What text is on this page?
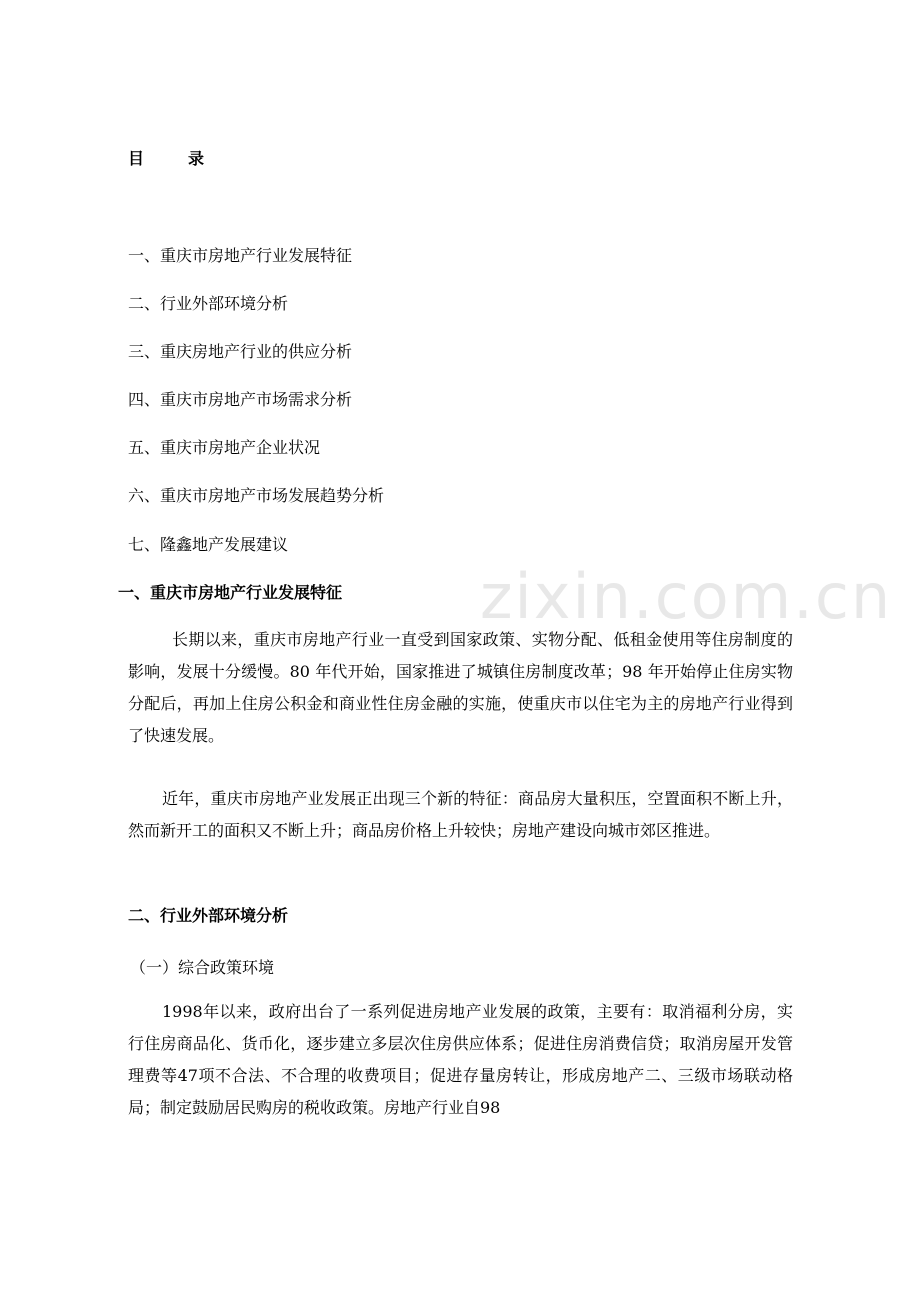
zixin.com.cn
目　录
一、重庆市房地产行业发展特征
二、行业外部环境分析
三、重庆房地产行业的供应分析
四、重庆市房地产市场需求分析
五、重庆市房地产企业状况
六、重庆市房地产市场发展趋势分析
七、隆鑫地产发展建议
一、重庆市房地产行业发展特征
长期以来，重庆市房地产行业一直受到国家政策、实物分配、低租金使用等住房制度的影响，发展十分缓慢。80 年代开始，国家推进了城镇住房制度改革；98 年开始停止住房实物分配后，再加上住房公积金和商业性住房金融的实施，使重庆市以住宅为主的房地产行业得到了快速发展。
近年，重庆市房地产业发展正出现三个新的特征：商品房大量积压，空置面积不断上升，然而新开工的面积又不断上升；商品房价格上升较快；房地产建设向城市郊区推进。
二、行业外部环境分析
（一）综合政策环境
1998年以来，政府出台了一系列促进房地产业发展的政策，主要有：取消福利分房，实行住房商品化、货币化，逐步建立多层次住房供应体系；促进住房消费信贷；取消房屋开发管理费等47项不合法、不合理的收费项目；促进存量房转让，形成房地产二、三级市场联动格局；制定鼓励居民购房的税收政策。房地产行业自98
